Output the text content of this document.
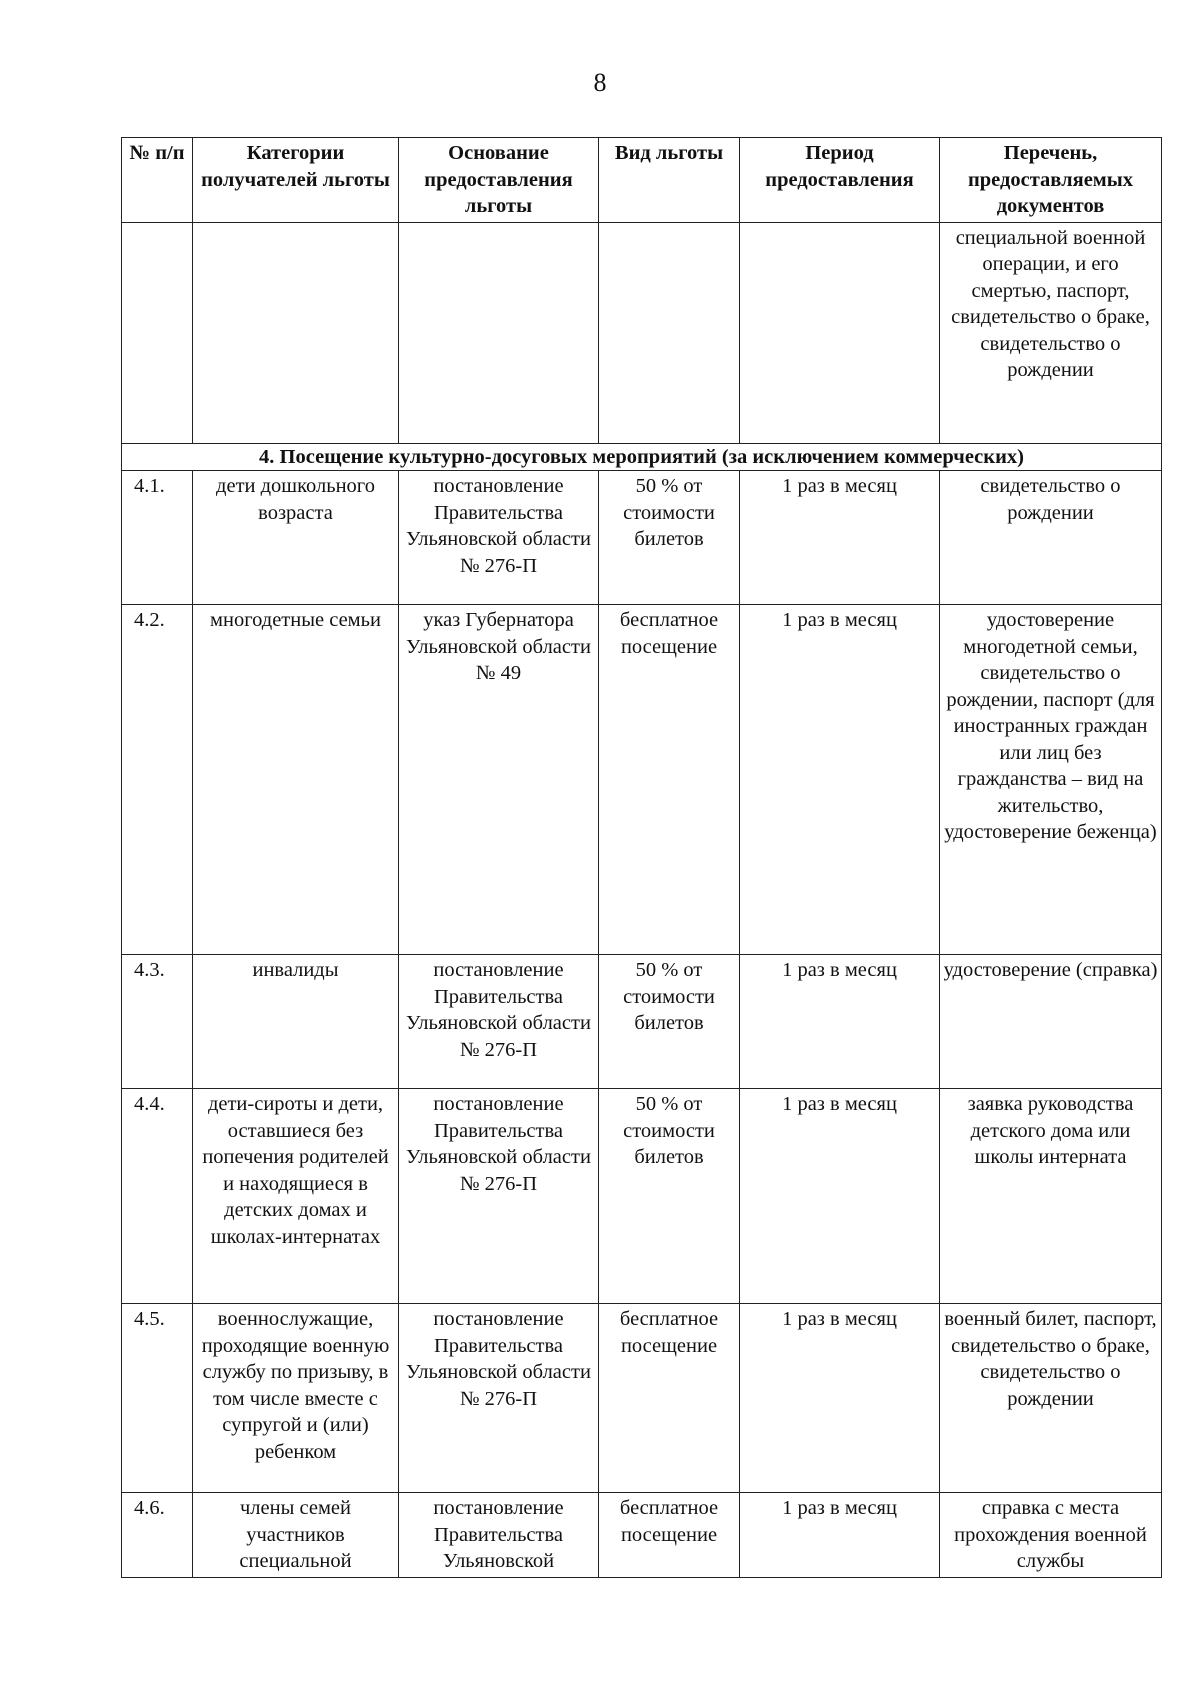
8
№ п/п	Категории получателей льготы	Основание предоставления льготы	Вид льготы	Период предоставления	Перечень, предоставляемых документов
					специальной военной операции, и его смертью, паспорт, свидетельство о браке, свидетельство о рождении
4. Посещение культурно-досуговых мероприятий (за исключением коммерческих)					
4.1.	дети дошкольного возраста	постановление Правительства Ульяновской области № 276-П	50 % от стоимости билетов	1 раз в месяц	свидетельство о рождении
4.2.	многодетные семьи	указ Губернатора Ульяновской области № 49	бесплатное посещение	1 раз в месяц	удостоверение многодетной семьи, свидетельство о рождении, паспорт (для иностранных граждан или лиц без гражданства – вид на жительство, удостоверение беженца)
4.3.	инвалиды	постановление Правительства Ульяновской области № 276-П	50 % от стоимости билетов	1 раз в месяц	удостоверение (справка)
4.4.	дети-сироты и дети, оставшиеся без попечения родителей и находящиеся в детских домах и школах-интернатах	постановление Правительства Ульяновской области № 276-П	50 % от стоимости билетов	1 раз в месяц	заявка руководства детского дома или школы интерната
4.5.	военнослужащие, проходящие военную службу по призыву, в том числе вместе с супругой и (или) ребенком	постановление Правительства Ульяновской области № 276-П	бесплатное посещение	1 раз в месяц	военный билет, паспорт, свидетельство о браке, свидетельство о рождении
4.6.	члены семей участников специальной	постановление Правительства Ульяновской	бесплатное посещение	1 раз в месяц	справка с места прохождения военной службы
